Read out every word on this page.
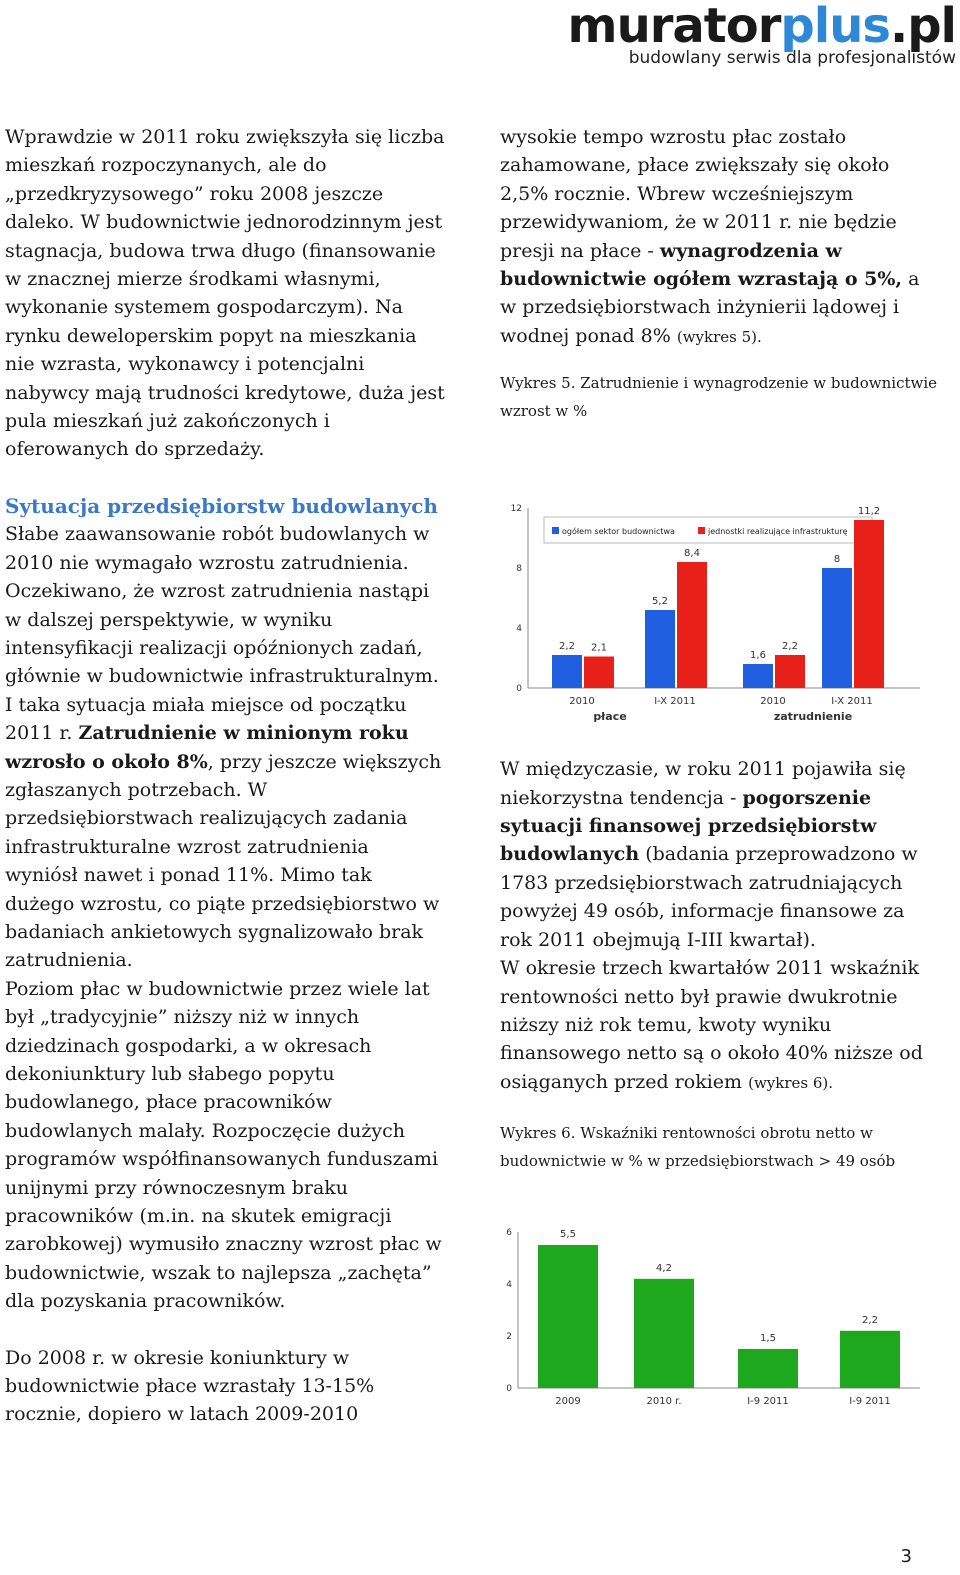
muratorplus.pl
budowlany serwis dla profesjonalistów

Wprawdzie w 2011 roku zwiększyła się liczba mieszkań rozpoczynanych, ale do „przedkryzysowego” roku 2008 jeszcze daleko. W budownictwie jednorodzinnym jest stagnacja, budowa trwa długo (finansowanie w znacznej mierze środkami własnymi, wykonanie systemem gospodarczym). Na rynku deweloperskim popyt na mieszkania nie wzrasta, wykonawcy i potencjalni nabywcy mają trudności kredytowe, duża jest pula mieszkań już zakończonych i oferowanych do sprzedaży.

Sytuacja przedsiębiorstw budowlanych

Słabe zaawansowanie robót budowlanych w 2010 nie wymagało wzrostu zatrudnienia. Oczekiwano, że wzrost zatrudnienia nastąpi w dalszej perspektywie, w wyniku intensyfikacji realizacji opóźnionych zadań, głównie w budownictwie infrastrukturalnym. I taka sytuacja miała miejsce od początku 2011 r. Zatrudnienie w minionym roku wzrosło o około 8%, przy jeszcze większych zgłaszanych potrzebach. W przedsiębiorstwach realizujących zadania infrastrukturalne wzrost zatrudnienia wyniósł nawet i ponad 11%. Mimo tak dużego wzrostu, co piąte przedsiębiorstwo w badaniach ankietowych sygnalizowało brak zatrudnienia.

Poziom płac w budownictwie przez wiele lat był „tradycyjnie” niższy niż w innych dziedzinach gospodarki, a w okresach dekoniunktury lub słabego popytu budowlanego, płace pracowników budowlanych malały. Rozpoczęcie dużych programów współfinansowanych funduszami unijnymi przy równoczesnym braku pracowników (m.in. na skutek emigracji zarobkowej) wymusiło znaczny wzrost płac w budownictwie, wszak to najlepsza „zachęta” dla pozyskania pracowników.

Do 2008 r. w okresie koniunktury w budownictwie płace wzrastały 13-15% rocznie, dopiero w latach 2009-2010

wysokie tempo wzrostu płac zostało zahamowane, płace zwiększały się około 2,5% rocznie. Wbrew wcześniejszym przewidywaniom, że w 2011 r. nie będzie presji na płace - wynagrodzenia w budownictwie ogółem wzrastają o 5%, a w przedsiębiorstwach inżynierii lądowej i wodnej ponad 8% (wykres 5).

Wykres 5. Zatrudnienie i wynagrodzenie w budownictwie wzrost w %

W międzyczasie, w roku 2011 pojawiła się niekorzystna tendencja - pogorszenie sytuacji finansowej przedsiębiorstw budowlanych (badania przeprowadzono w 1783 przedsiębiorstwach zatrudniających powyżej 49 osób, informacje finansowe za rok 2011 obejmują I-III kwartał).

W okresie trzech kwartałów 2011 wskaźnik rentowności netto był prawie dwukrotnie niższy niż rok temu, kwoty wyniku finansowego netto są o około 40% niższe od osiąganych przed rokiem (wykres 6).

Wykres 6. Wskaźniki rentowności obrotu netto w budownictwie w % w przedsiębiorstwach > 49 osób

0
4
8
12
ogółem sektor budownictwa	jednostki realizujące infrastrukturę
2,2 2,1
2010
5,2
8,4
I-X 2011
1,6
2,2
2010
8
11,2
I-X 2011
płace	zatrudnienie
0
2
4
6	5,5
2009
4,2
2010 r.
1,5
I-9 2011
2,2
I-9 2011
3
